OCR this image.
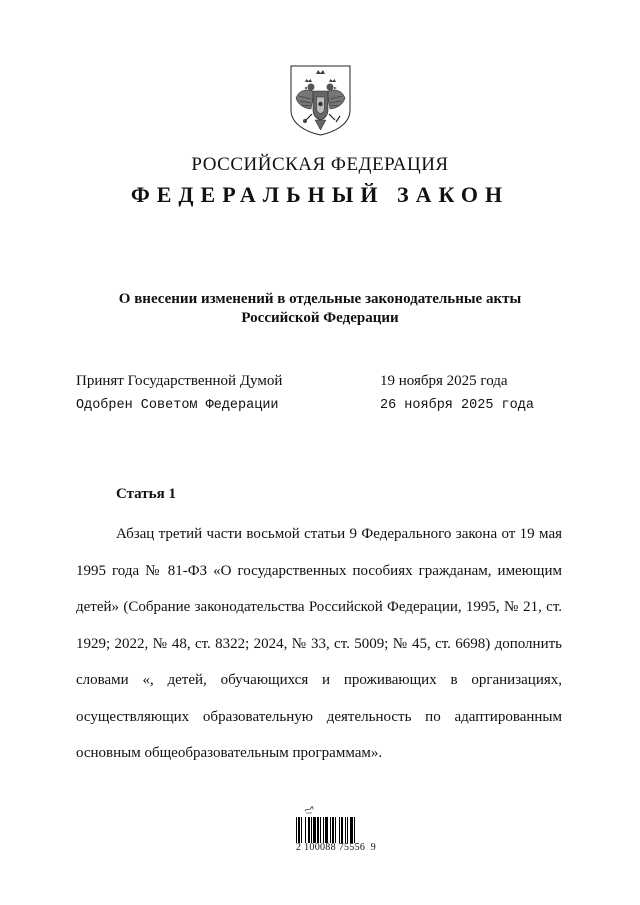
РОССИЙСКАЯ ФЕДЕРАЦИЯ
ФЕДЕРАЛЬНЫЙ ЗАКОН
О внесении изменений в отдельные законодательные акты
Российской Федерации
Принят Государственной Думой	19 ноября 2025 года
Одобрен Советом Федерации	26 ноября 2025 года
Статья 1

Абзац третий части восьмой статьи 9 Федерального закона от 19 мая 1995 года № 81-ФЗ «О государственных пособиях гражданам, имеющим детей» (Собрание законодательства Российской Федерации, 1995, № 21, ст. 1929; 2022, № 48, ст. 8322; 2024, № 33, ст. 5009; № 45, ст. 6698) дополнить словами «, детей, обучающихся и проживающих в организациях, осуществляющих образовательную деятельность по адаптированным основным общеобразовательным программам».

2 100088 75556  9
